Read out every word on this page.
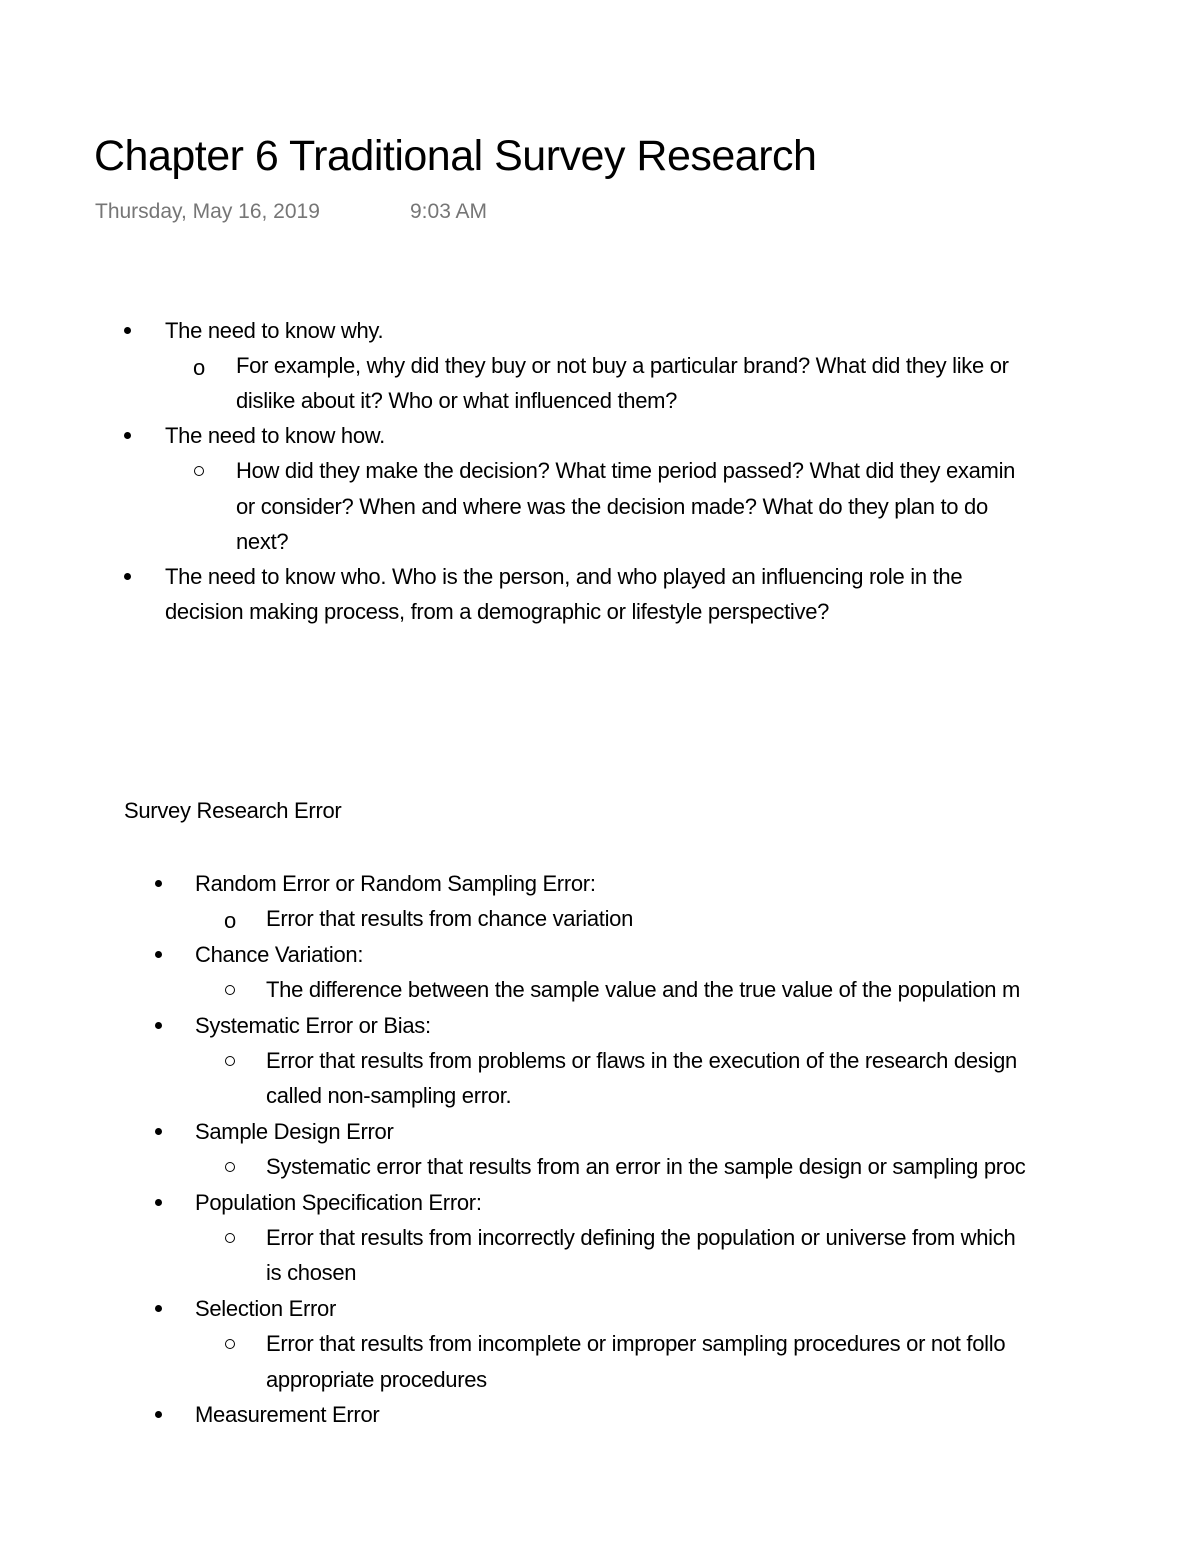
Chapter 6 Traditional Survey Research
Thursday, May 16, 2019	9:03 AM
The need to know why.
o For example, why did they buy or not buy a particular brand? What did they like or
dislike about it? Who or what influenced them?
The need to know how.
How did they make the decision? What time period passed? What did they examin
or consider? When and where was the decision made? What do they plan to do
next?
The need to know who. Who is the person, and who played an influencing role in the
decision making process, from a demographic or lifestyle perspective?
Survey Research Error
Random Error or Random Sampling Error:
o Error that results from chance variation
Chance Variation:
The difference between the sample value and the true value of the population m
Systematic Error or Bias:
Error that results from problems or flaws in the execution of the research design
called non-sampling error.
Sample Design Error
Systematic error that results from an error in the sample design or sampling proc
Population Specification Error:
Error that results from incorrectly defining the population or universe from which
is chosen
Selection Error
Error that results from incomplete or improper sampling procedures or not follo
appropriate procedures
Measurement Error
